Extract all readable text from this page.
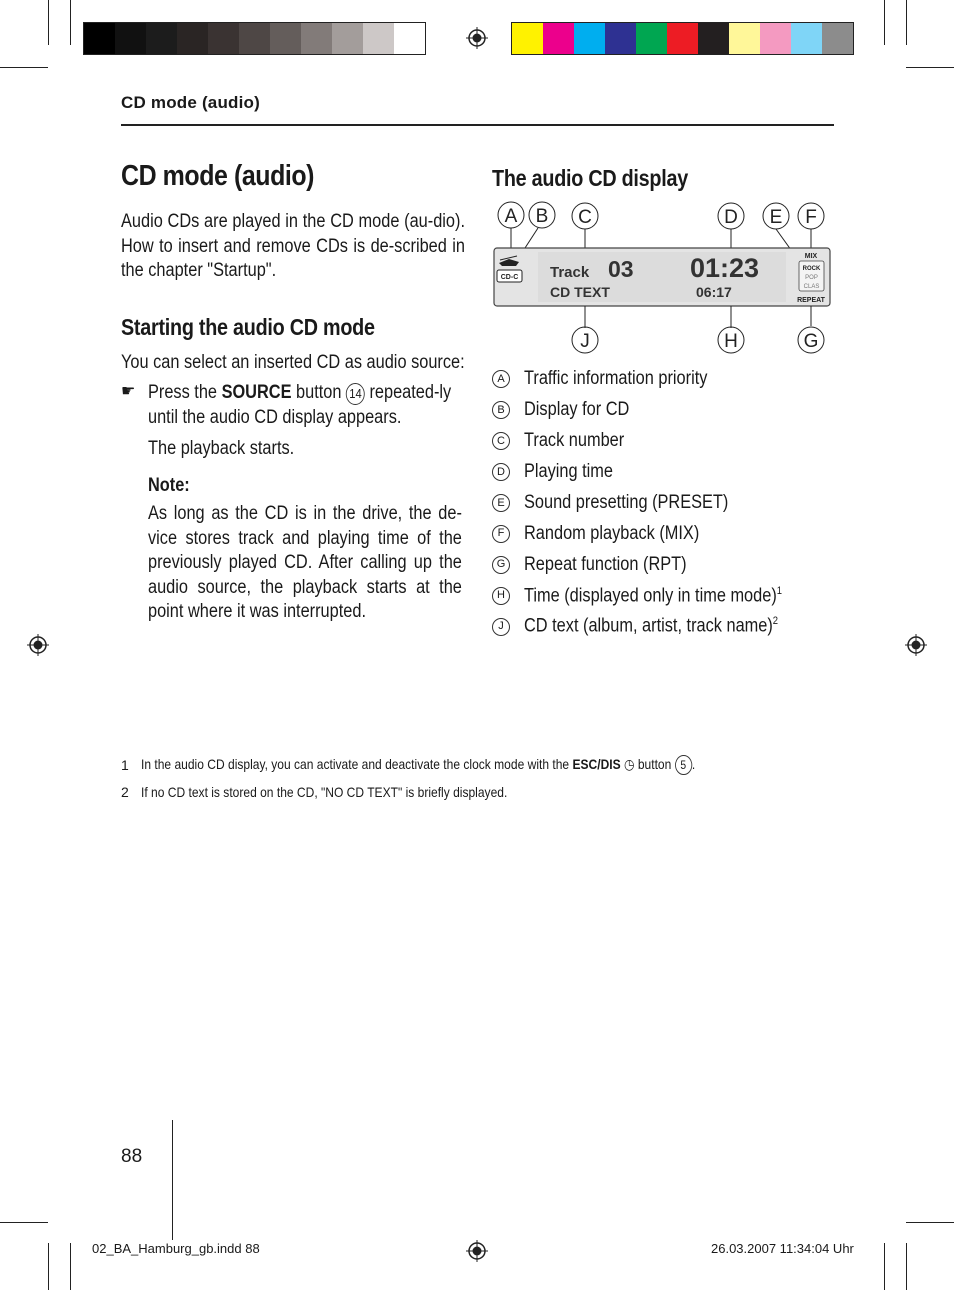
CD mode (audio)
CD mode (audio)
Audio CDs are played in the CD mode (au-dio). How to insert and remove CDs is de-scribed in the chapter "Startup".
Starting the audio CD mode
You can select an inserted CD as audio source:
☛ Press the SOURCE button 14 repeated-ly until the audio CD display appears.
The playback starts.
Note:
As long as the CD is in the drive, the de-vice stores track and playing time of the previously played CD. After calling up the audio source, the playback starts at the point where it was interrupted.
The audio CD display
A B C	D E F
J	H	G
CD-C Track 03 01:23
CD TEXT	06:17
MIX
ROCK
POP
CLAS
REPEAT
A Traffic information priority
B Display for CD
C Track number
D Playing time
E Sound presetting (PRESET)
F Random playback (MIX)
G Repeat function (RPT)
H Time (displayed only in time mode)$^1$
J	CD text (album, artist, track name)$^2$
1 In the audio CD display, you can activate and deactivate the clock mode with the ESC/DIS ◷ button 5 .
2 If no CD text is stored on the CD, "NO CD TEXT" is briefly displayed.
88
02_BA_Hamburg_gb.indd 88	26.03.2007 11:34:04 Uhr
